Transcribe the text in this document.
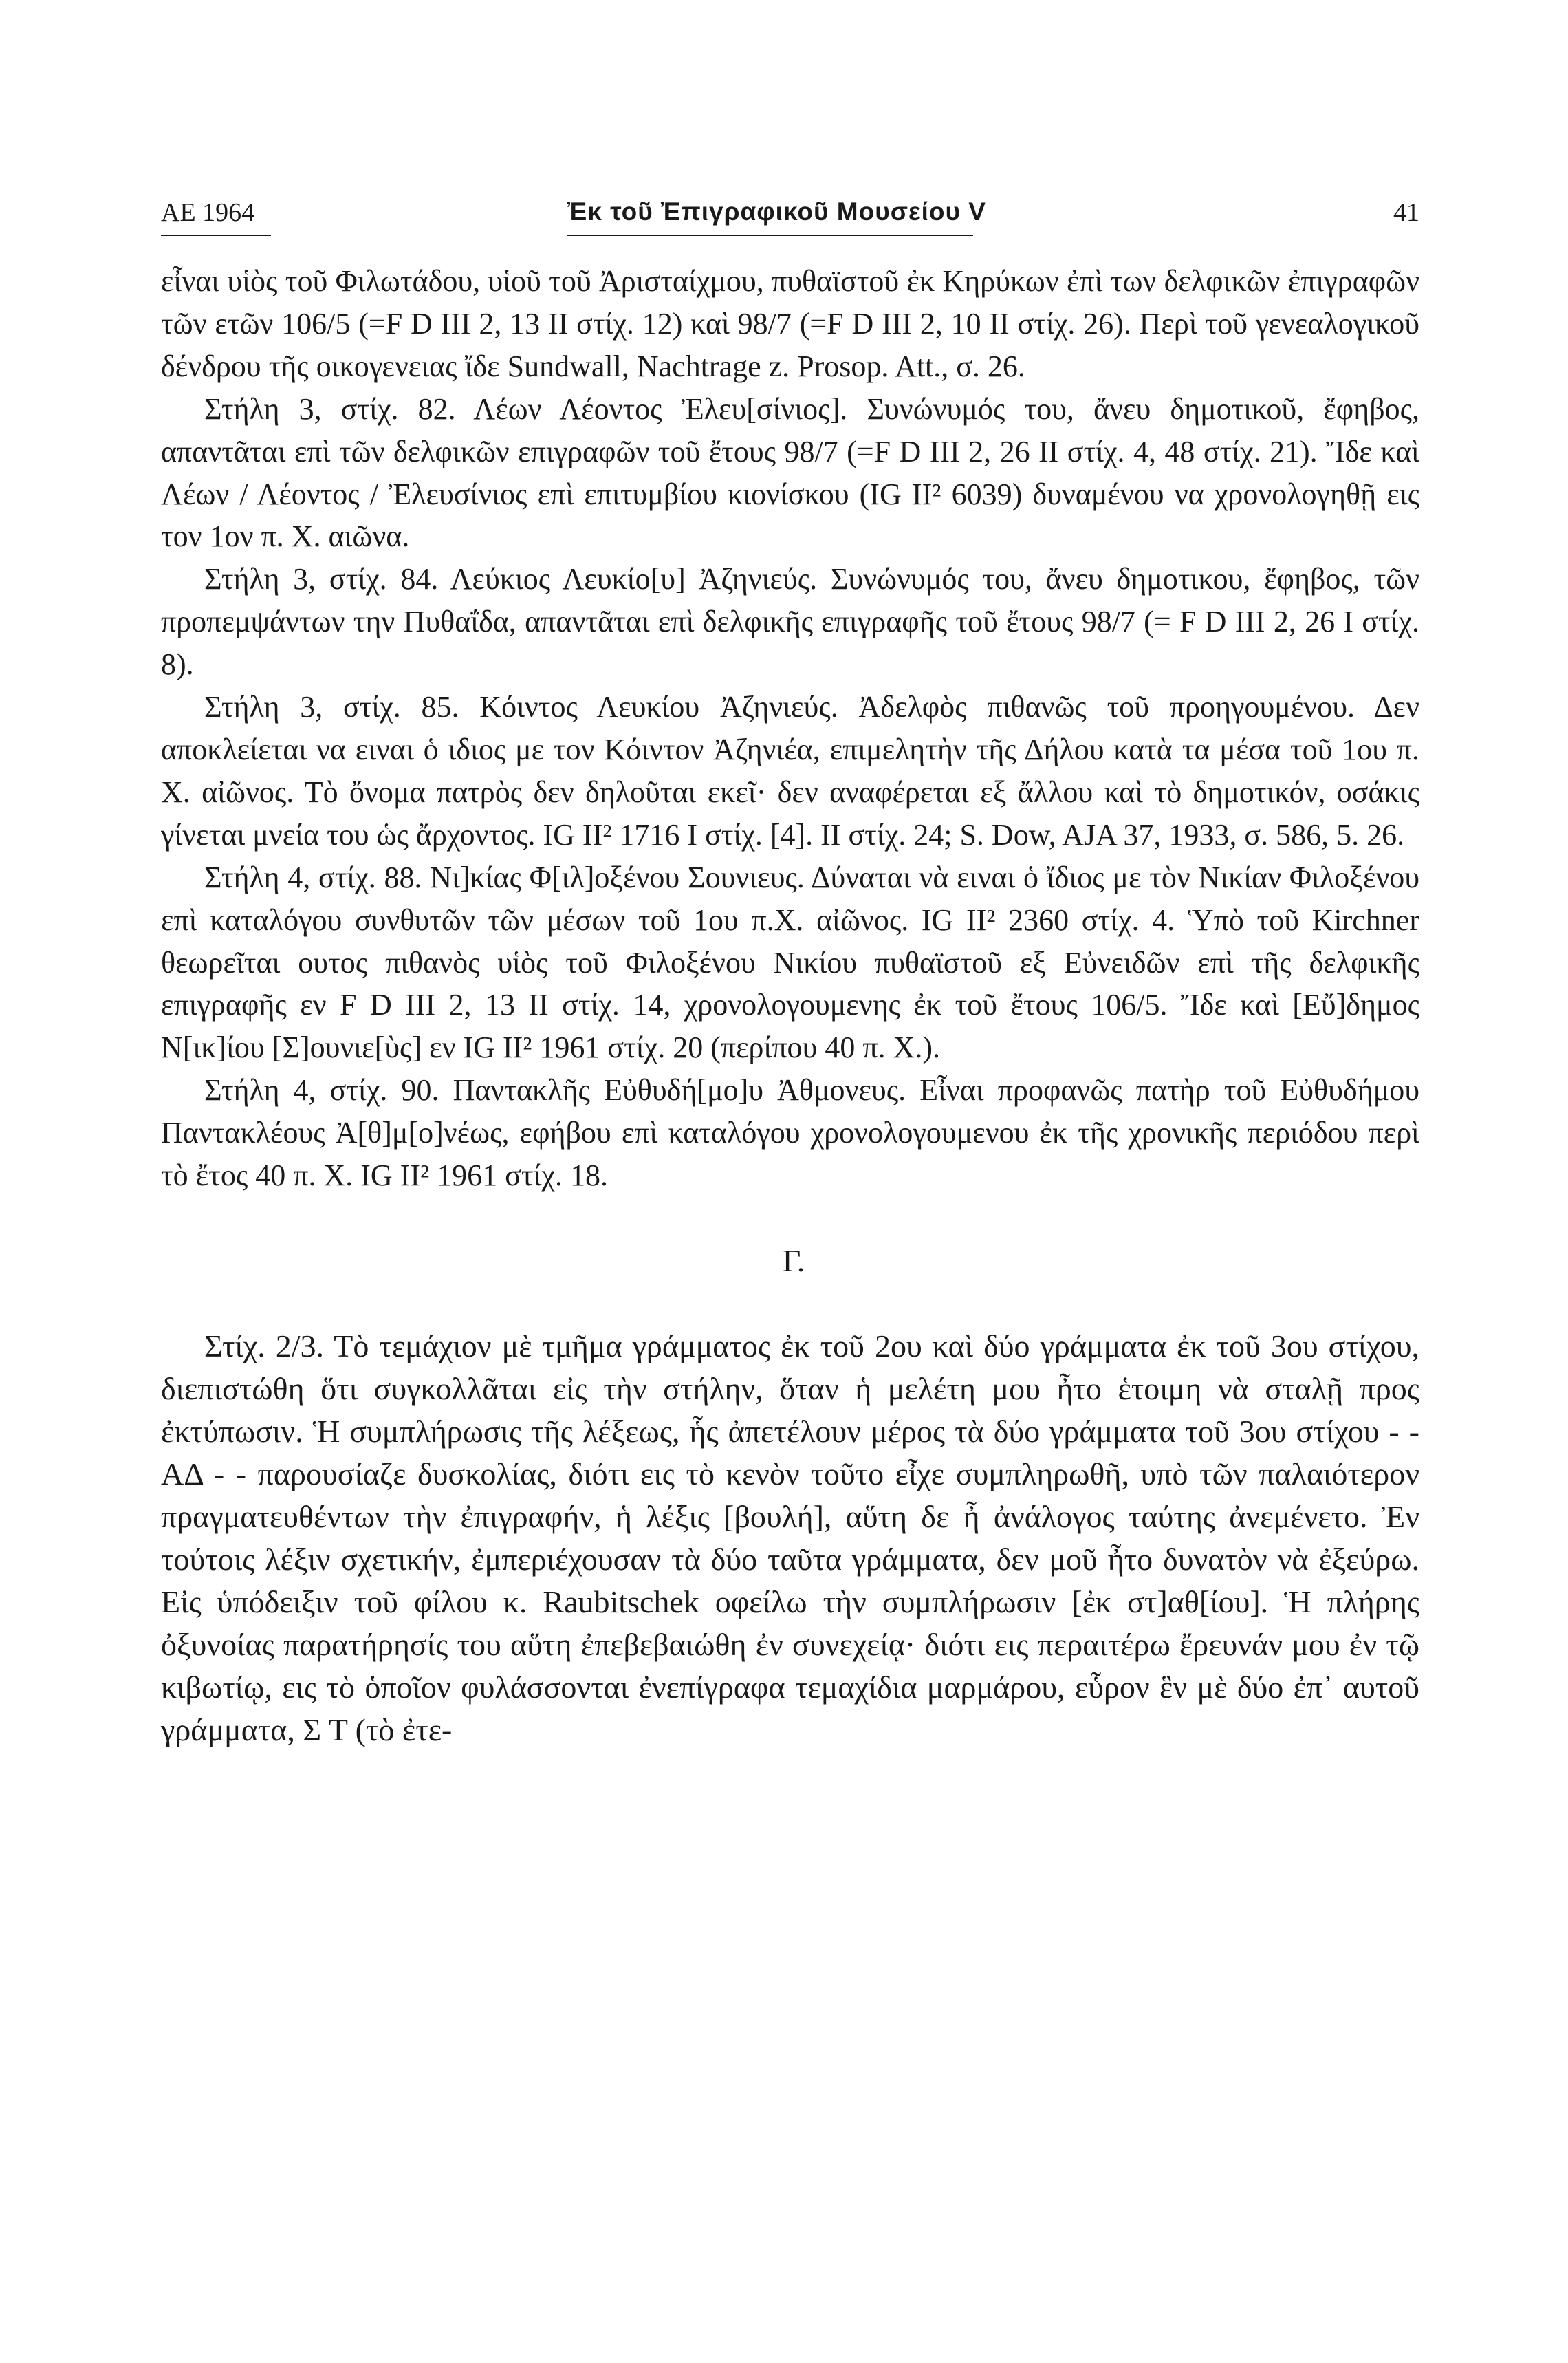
ΑΕ 1964	Ἐκ τοῦ Ἐπιγραφικοῦ Μουσείου V	41

εἶναι υἱὸς τοῦ Φιλωτάδου, υἱοῦ τοῦ Ἀρισταίχμου, πυθαϊστοῦ ἐκ Κηρύκων ἐπὶ των δελφικῶν ἐπιγραφῶν τῶν ετῶν 106/5 (=F D III 2, 13 II στίχ. 12) καὶ 98/7 (=F D III 2, 10 II στίχ. 26). Περὶ τοῦ γενεαλογικοῦ δένδρου τῆς οικογενειας ἴδε Sundwall, Nachtrage z. Prosop. Att., σ. 26.

Στήλη 3, στίχ. 82. Λέων Λέοντος Ἐλευ[σίνιος]. Συνώνυμός του, ἄνευ δημοτικοῦ, ἔφηβος, απαντᾶται επὶ τῶν δελφικῶν επιγραφῶν τοῦ ἔτους 98/7 (=F D III 2, 26 II στίχ. 4, 48 στίχ. 21). Ἴδε καὶ Λέων / Λέοντος / Ἐλευσίνιος επὶ επιτυμβίου κιονίσκου (IG II² 6039) δυναμένου να χρονολογηθῇ εις τον 1ον π. Χ. αιῶνα.

Στήλη 3, στίχ. 84. Λεύκιος Λευκίο[υ] Ἀζηνιεύς. Συνώνυμός του, ἄνευ δημοτικου, ἔφηβος, τῶν προπεμψάντων την Πυθαΐδα, απαντᾶται επὶ δελφικῆς επιγραφῆς τοῦ ἔτους 98/7 (= F D III 2, 26 I στίχ. 8).

Στήλη 3, στίχ. 85. Κόιντος Λευκίου Ἀζηνιεύς. Ἀδελφὸς πιθανῶς τοῦ προηγουμένου. Δεν αποκλείεται να ειναι ὁ ιδιος με τον Κόιντον Ἀζηνιέα, επιμελητὴν τῆς Δήλου κατὰ τα μέσα τοῦ 1ου π. Χ. αἰῶνος. Τὸ ὄνομα πατρὸς δεν δηλοῦται εκεῖ· δεν αναφέρεται εξ ἄλλου καὶ τὸ δημοτικόν, οσάκις γίνεται μνεία του ὡς ἄρχοντος. IG II² 1716 I στίχ. [4]. II στίχ. 24; S. Dow, AJA 37, 1933, σ. 586, 5. 26.

Στήλη 4, στίχ. 88. Νι]κίας Φ[ιλ]οξένου Σουνιευς. Δύναται νὰ ειναι ὁ ἴδιος με τὸν Νικίαν Φιλοξένου επὶ καταλόγου συνθυτῶν τῶν μέσων τοῦ 1ου π.Χ. αἰῶνος. IG II² 2360 στίχ. 4. Ὑπὸ τοῦ Kirchner θεωρεῖται ουτος πιθανὸς υἱὸς τοῦ Φιλοξένου Νικίου πυθαϊστοῦ εξ Εὐνειδῶν επὶ τῆς δελφικῆς επιγραφῆς εν F D III 2, 13 II στίχ. 14, χρονολογουμενης ἐκ τοῦ ἔτους 106/5. Ἴδε καὶ [Εὔ]δημος Ν[ικ]ίου [Σ]ουνιε[ὺς] εν IG II² 1961 στίχ. 20 (περίπου 40 π. Χ.).

Στήλη 4, στίχ. 90. Παντακλῆς Εὐθυδή[μο]υ Ἀθμονευς. Εἶναι προφανῶς πατὴρ τοῦ Εὐθυδήμου Παντακλέους Ἀ[θ]μ[ο]νέως, εφήβου επὶ καταλόγου χρονολογουμενου ἐκ τῆς χρονικῆς περιόδου περὶ τὸ ἔτος 40 π. Χ. IG II² 1961 στίχ. 18.

Γ.

Στίχ. 2/3. Τὸ τεμάχιον μὲ τμῆμα γράμματος ἐκ τοῦ 2ου καὶ δύο γράμματα ἐκ τοῦ 3ου στίχου, διεπιστώθη ὅτι συγκολλᾶται εἰς τὴν στήλην, ὅταν ἡ μελέτη μου ἦτο ἑτοιμη νὰ σταλῇ προς ἐκτύπωσιν. Ἡ συμπλήρωσις τῆς λέξεως, ἧς ἀπετέλουν μέρος τὰ δύο γράμματα τοῦ 3ου στίχου - - ΑΔ - - παρουσίαζε δυσκολίας, διότι εις τὸ κενὸν τοῦτο εἶχε συμπληρωθῆ, υπὸ τῶν παλαιότερον πραγματευθέντων τὴν ἐπιγραφήν, ἡ λέξις [βουλή], αὕτη δε ἦ ἀνάλογος ταύτης ἀνεμένετο. Ἐν τούτοις λέξιν σχετικήν, ἐμπεριέχουσαν τὰ δύο ταῦτα γράμματα, δεν μοῦ ἦτο δυνατὸν νὰ ἐξεύρω. Εἰς ὑπόδειξιν τοῦ φίλου κ. Raubitschek οφείλω τὴν συμπλήρωσιν [ἐκ στ]αθ[ίου]. Ἡ πλήρης ὀξυνοίας παρατήρησίς του αὕτη ἐπεβεβαιώθη ἐν συνεχείᾳ· διότι εις περαιτέρω ἔρευνάν μου ἐν τῷ κιβωτίῳ, εις τὸ ὁποῖον φυλάσσονται ἐνεπίγραφα τεμαχίδια μαρμάρου, εὗρον ἓν μὲ δύο ἐπ᾽ αυτοῦ γράμματα, Σ Τ (τὸ ἐτε-
